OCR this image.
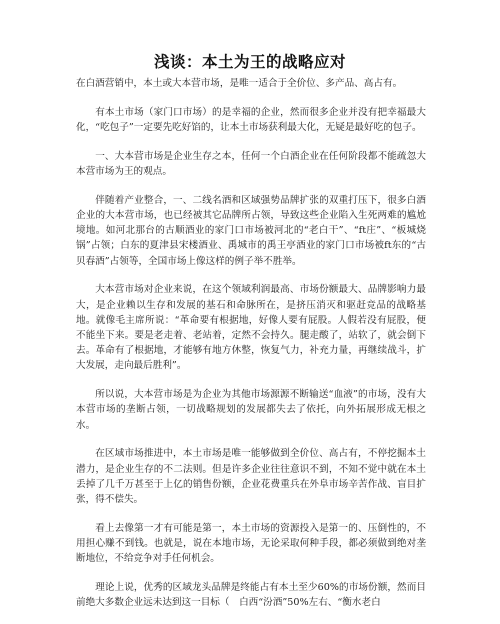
浅谈：本土为王的战略应对

在白酒营销中，本土或大本营市场，是唯一适合于全价位、多产品、高占有。

有本土市场（家门口市场）的是幸福的企业，然而很多企业并没有把幸福最大化，“吃包子”一定要先吃好馅的，让本土市场获利最大化，无疑是最好吃的包子。

一、大本营市场是企业生存之本，任何一个白酒企业在任何阶段都不能疏忽大本营市场为王的观点。

伴随着产业整合，一、二线名酒和区域强势品牌扩张的双重打压下，很多白酒企业的大本营市场，也已经被其它品牌所占领，导致这些企业陷入生死两难的尴尬境地。如河北那台的古顺酒业的家门口市场被河北的“老白干”、“ft庄”、“板城烧锅”占领；白东的夏津县宋楼酒业、禹城市的禹王亭酒业的家门口市场被ft东的“古贝春酒”占领等，全国市场上像这样的例子举不胜举。

大本营市场对企业来说，在这个领域利润最高、市场份额最大、品牌影响力最大，是企业赖以生存和发展的基石和命脉所在，是挤压消灭和驱赶竞品的战略基地。就像毛主席所说：“革命要有根据地，好像人要有屁股。人假若没有屁股，便不能坐下来。要是老走着、老站着，定然不会持久。腿走酸了，站软了，就会倒下去。革命有了根据地，才能够有地方休整，恢复气力，补充力量，再继续战斗，扩大发展，走向最后胜利”。

所以说，大本营市场是为企业为其他市场源源不断输送“血液”的市场，没有大本营市场的垄断占领，一切战略规划的发展都失去了依托，向外拓展形成无根之水。

在区域市场推进中，本土市场是唯一能够做到全价位、高占有，不停挖掘本土潜力，是企业生存的不二法则。但是许多企业往往意识不到，不知不觉中就在本土丢掉了几千万甚至于上亿的销售份额，企业花费重兵在外阜市场辛苦作战、盲目扩张，得不偿失。

看上去像第一才有可能是第一，本土市场的资源投入是第一的、压倒性的，不用担心赚不到钱。也就是，说在本地市场，无论采取何种手段，都必须做到绝对垄断地位，不给竞争对手任何机会。

理论上说，优秀的区域龙头品牌是终能占有本土至少60%的市场份额，然而目前绝大多数企业远未达到这一目标（　白西“汾酒”50%左右、“衡水老白
